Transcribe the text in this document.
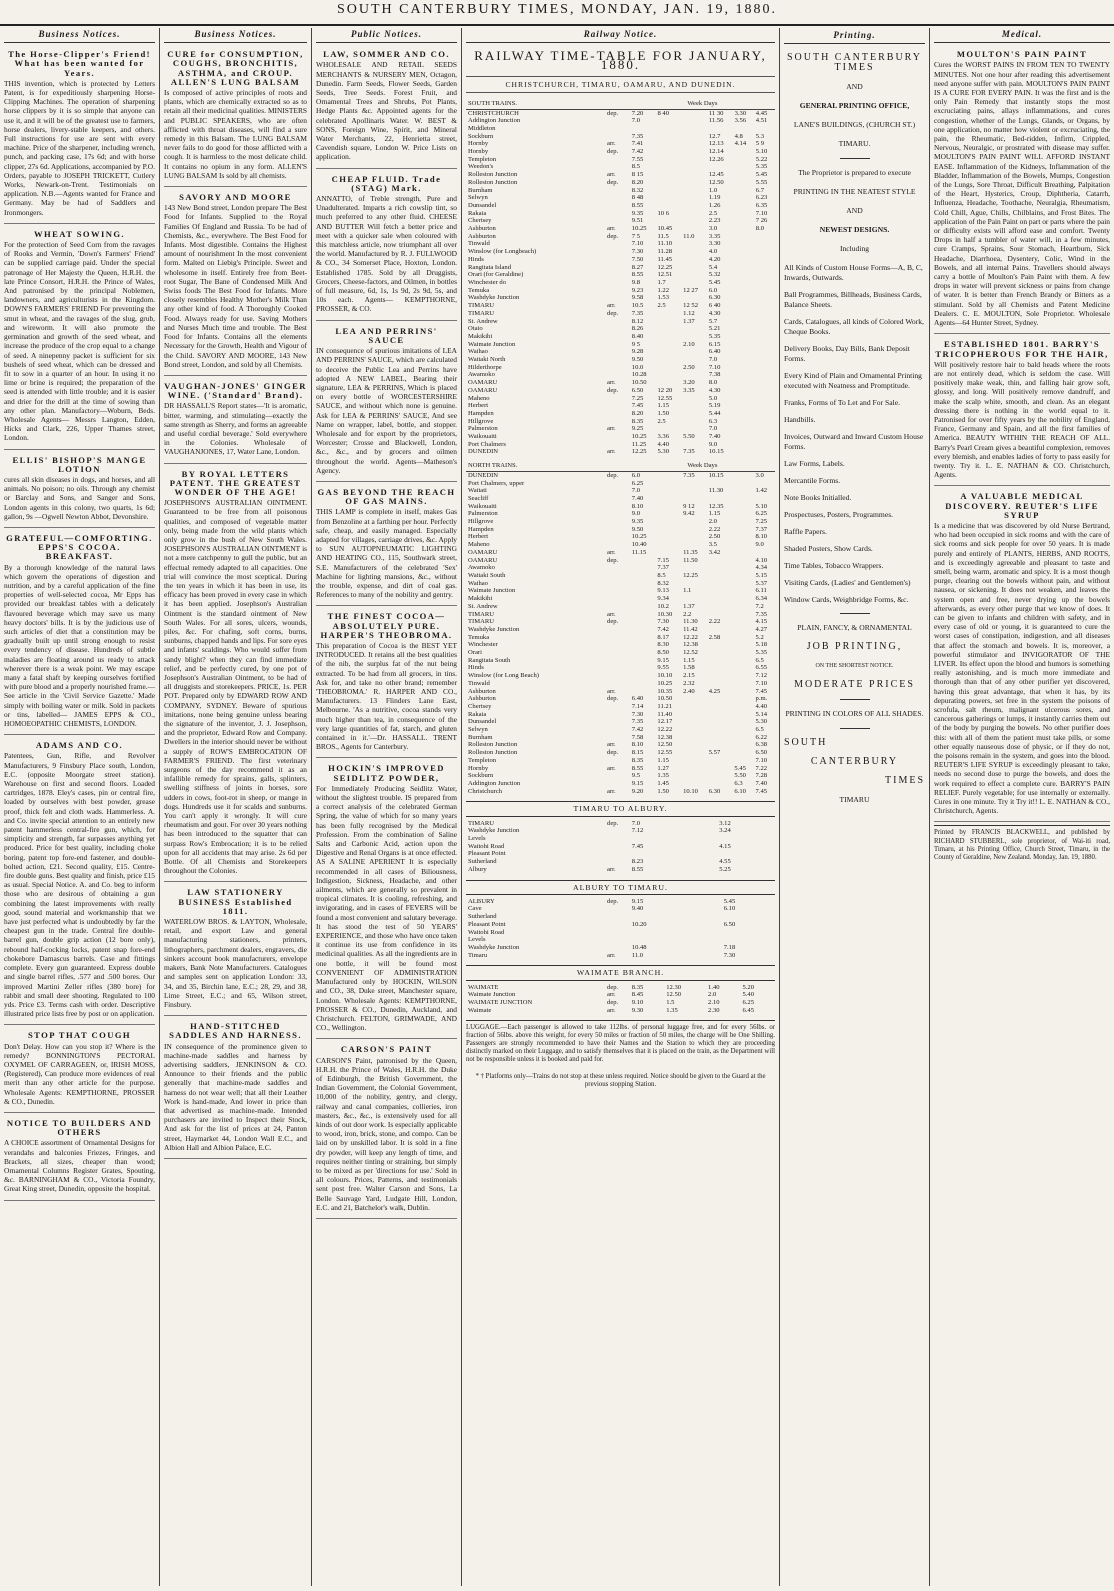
SOUTH CANTERBURY TIMES, MONDAY, JAN. 19, 1880.
Business Notices.
The Horse-Clipper's Friend! What has been wanted for Years.

THIS invention, which is protected by Letters Patent, is for expeditiously sharpening Horse-Clipping Machines. The operation of sharpening horse clippers by it is so simple that anyone can use it, and it will be of the greatest use to farmers, horse dealers, livery-stable keepers, and others. Full instructions for use are sent with every machine. Price of the sharpener, including wrench, punch, and packing case, 17s 6d; and with horse clipper, 27s 6d. Applications, accompanied by P.O. Orders, payable to JOSEPH TRICKETT, Cutlery Works, Newark-on-Trent. Testimonials on application. N.B.—Agents wanted for France and Germany. May be had of Saddlers and Ironmongers.

WHEAT SOWING.

For the protection of Seed Corn from the ravages of Rooks and Vermin, 'Down's Farmers' Friend' can be supplied carriage paid. Under the special patronage of Her Majesty the Queen, H.R.H. the late Prince Consort, H.R.H. the Prince of Wales, And patronised by the principal Noblemen, landowners, and agriculturists in the Kingdom. DOWN'S FARMERS' FRIEND For preventing the smut in wheat, and the ravages of the slug, grub, and wireworm. It will also promote the germination and growth of the seed wheat, and increase the produce of the crop equal to a change of seed. A ninepenny packet is sufficient for six bushels of seed wheat, which can be dressed and fit to sow in a quarter of an hour. In using it no lime or brine is required; the preparation of the seed is attended with little trouble; and it is easier and drier for the drill at the time of sowing than any other plan. Manufactory—Woburn, Beds. Wholesale Agents— Messrs Langton, Edden, Hicks and Clark, 226, Upper Thames street, London.

ELLIS' BISHOP'S MANGE LOTION

cures all skin diseases in dogs, and horses, and all animals. No poison; no oils. Through any chemist or Barclay and Sons, and Sanger and Sons, London agents in this colony, two quarts, 1s 6d; gallon, 9s —Ogwell Newton Abbot, Devonshire.

GRATEFUL—COMFORTING. EPPS'S COCOA. BREAKFAST.

By a thorough knowledge of the natural laws which govern the operations of digestion and nutrition, and by a careful application of the fine properties of well-selected cocoa, Mr Epps has provided our breakfast tables with a delicately flavoured beverage which may save us many heavy doctors' bills. It is by the judicious use of such articles of diet that a constitution may be gradually built up until strong enough to resist every tendency of disease. Hundreds of subtle maladies are floating around us ready to attack wherever there is a weak point. We may escape many a fatal shaft by keeping ourselves fortified with pure blood and a properly nourished frame.—See article in the 'Civil Service Gazette.' Made simply with boiling water or milk. Sold in packets or tins, labelled— JAMES EPPS & CO., HOMOEOPATHIC CHEMISTS, LONDON.

ADAMS AND CO.

Patentees, Gun, Rifle, and Revolver Manufacturers, 9 Finsbury Place south, London, E.C. (opposite Moorgate street station). Warehouse on first and second floors. Loaded cartridges, 1878. Eley's cases, pin or central fire, loaded by ourselves with best powder, grease proof, thick felt and cloth wads. Hammerless. A. and Co. invite special attention to an entirely new patent hammerless central-fire gun, which, for simplicity and strength, far surpasses anything yet produced. Price for best quality, including choke boring, patent top fore-end fastener, and double-bolted action, £21. Second quality, £15. Centre-fire double guns. Best quality and finish, price £15 as usual. Special Notice. A. and Co. beg to inform those who are desirous of obtaining a gun combining the latest improvements with really good, sound material and workmanship that we have just perfected what is undoubtedly by far the cheapest gun in the trade. Central fire double-barrel gun, double grip action (12 bore only), rebound half-cocking locks, patent snap fore-end chokebore Damascus barrels. Case and fittings complete. Every gun guaranteed. Express double and single barrel rifles, .577 and .500 bores. Our improved Martini Zeller rifles (380 bore) for rabbit and small deer shooting. Regulated to 100 yds. Price £3. Terms cash with order. Descriptive illustrated price lists free by post or on application.

STOP THAT COUGH

Don't Delay. How can you stop it? Where is the remedy? BONNINGTON'S PECTORAL OXYMEL OF CARRAGEEN, or, IRISH MOSS, (Registered), Can produce more evidences of real merit than any other article for the purpose. Wholesale Agents: KEMPTHORNE, PROSSER & CO., Dunedin.

NOTICE TO BUILDERS AND OTHERS

A CHOICE assortment of Ornamental Designs for verandahs and balconies Friezes, Fringes, and Brackets, all sizes, cheaper than wood; Ornamental Columns Register Grates, Spouting, &c. BARNINGHAM & CO., Victoria Foundry, Great King street, Dunedin, opposite the hospital.

Business Notices.
CURE for CONSUMPTION, COUGHS, BRONCHITIS, ASTHMA, and CROUP. ALLEN'S LUNG BALSAM

Is composed of active principles of roots and plants, which are chemically extracted so as to retain all their medicinal qualities. MINISTERS and PUBLIC SPEAKERS, who are often afflicted with throat diseases, will find a sure remedy in this Balsam. The LUNG BALSAM never fails to do good for those afflicted with a cough. It is harmless to the most delicate child. It contains no opium in any form. ALLEN'S LUNG BALSAM Is sold by all chemists.

SAVORY AND MOORE

143 New Bond street, London prepare The Best Food for Infants. Supplied to the Royal Families Of England and Russia. To be had of Chemists, &c., everywhere. The Best Food for Infants. Most digestible. Contains the Highest amount of nourishment In the most convenient form. Malted on Liebig's Principle. Sweet and wholesome in itself. Entirely free from Beet-root Sugar, The Bane of Condensed Milk And Swiss foods The Best Food for Infants. More closely resembles Healthy Mother's Milk Than any other kind of food. A Thoroughly Cooked Food. Always ready for use. Saving Mothers and Nurses Much time and trouble. The Best Food for Infants. Contains all the elements Necessary for the Growth, Health and Vigour of the Child. SAVORY AND MOORE, 143 New Bond street, London, and sold by all Chemists.

VAUGHAN-JONES' GINGER WINE. ('Standard' Brand).

DR HASSALL'S Report states—'It is aromatic, bitter, warming, and stimulating—exactly the same strength as Sherry, and forms an agreeable and useful cordial beverage.' Sold everywhere in the Colonies. Wholesale of VAUGHANJONES, 17, Water Lane, London.

BY ROYAL LETTERS PATENT. THE GREATEST WONDER OF THE AGE!

JOSEPHSON'S AUSTRALIAN OINTMENT. Guaranteed to be free from all poisonous qualities, and composed of vegetable matter only, being made from the wild plants which only grow in the bush of New South Wales. JOSEPHSON'S AUSTRALIAN OINTMENT is not a mere catchpenny to gull the public, but an effectual remedy adapted to all capacities. One trial will convince the most sceptical. During the ten years in which it has been in use, its efficacy has been proved in every case in which it has been applied. Josephson's Australian Ointment is the standard ointment of New South Wales. For all sores, ulcers, wounds, piles, &c. For chafing, soft corns, burns, sunburns, chapped hands and lips. For sore eyes and infants' scaldings. Who would suffer from sandy blight? when they can find immediate relief, and be perfectly cured, by one pot of Josephson's Australian Ointment, to be had of all druggists and storekeepers. PRICE, 1s. PER POT. Prepared only by EDWARD ROW AND COMPANY, SYDNEY. Beware of spurious imitations, none being genuine unless bearing the signature of the inventor, J. J. Josephson, and the proprietor, Edward Row and Company. Dwellers in the interior should never be without a supply of ROW'S EMBROCATION OF FARMER'S FRIEND. The first veterinary surgeons of the day recommend it as an infallible remedy for sprains, galls, splinters, swelling stiffness of joints in horses, sore udders in cows, foot-rot in sheep, or mange in dogs. Hundreds use it for scalds and sunburns. You can't apply it wrongly. It will cure rheumatism and gout. For over 30 years nothing has been introduced to the squatter that can surpass Row's Embrocation; it is to be relied upon for all accidents that may arise. 2s 6d per Bottle. Of all Chemists and Storekeepers throughout the Colonies.

LAW STATIONERY BUSINESS Established 1811.

WATERLOW BROS. & LAYTON, Wholesale, retail, and export Law and general manufacturing stationers, printers, lithographers, parchment dealers, engravers, die sinkers account book manufacturers, envelope makers, Bank Note Manufacturers. Catalogues and samples sent on application London: 33, 34, and 35, Birchin lane, E.C.; 28, 29, and 38, Lime Street, E.C.; and 65, Wilson street, Finsbury.

HAND-STITCHED SADDLES AND HARNESS.

IN consequence of the prominence given to machine-made saddles and harness by advertising saddlers, JENKINSON & CO. Announce to their friends and the public generally that machine-made saddles and harness do not wear well; that all their Leather Work is hand-made, And lower in price than that advertised as machine-made. Intended purchasers are invited to Inspect their Stock, And ask for the list of prices at 24, Panton street, Haymarket 44, London Wall E.C., and Albion Hall and Albion Palace, E.C.

Public Notices.
LAW, SOMMER AND CO.

WHOLESALE AND RETAIL SEEDS MERCHANTS & NURSERY MEN, Octagon, Dunedin. Farm Seeds, Flower Seeds, Garden Seeds, Tree Seeds. Forest Fruit, and Ornamental Trees and Shrubs, Pot Plants, Hedge Plants &c. Appointed agents for the celebrated Apollinaris Water. W. BEST & SONS, Foreign Wine, Spirit, and Mineral Water Merchants, 22, Henrietta street, Cavendish square, London W. Price Lists on application.

CHEAP FLUID. Trade (STAG) Mark.

ANNATTO, of Treble strength, Pure and Unadulterated. Imparts a rich cowslip tint, so much preferred to any other fluid. CHEESE AND BUTTER Will fetch a better price and meet with a quicker sale when coloured with this matchless article, now triumphant all over the world. Manufactured by R. J. FULLWOOD & CO., 34 Somerset Place, Hoxton, London. Established 1785. Sold by all Druggists, Grocers, Cheese-factors, and Oilmen, in bottles of full measure, 6d, 1s, 1s 9d, 2s 9d, 5s, and 10s each. Agents— KEMPTHORNE, PROSSER, & CO.

LEA AND PERRINS' SAUCE

IN consequence of spurious imitations of LEA AND PERRINS' SAUCE, which are calculated to deceive the Public Lea and Perrins have adopted A NEW LABEL, Bearing their signature, LEA & PERRINS, Which is placed on every bottle of WORCESTERSHIRE SAUCE, and without which none is genuine. Ask for LEA & PERRINS' SAUCE, And see Name on wrapper, label, bottle, and stopper. Wholesale and for export by the proprietors, Worcester; Crosse and Blackwell, London, &c., &c., and by grocers and oilmen throughout the world. Agents—Matheson's Agency.

GAS BEYOND THE REACH OF GAS MAINS.

THIS LAMP is complete in itself, makes Gas from Benzoline at a farthing per hour. Perfectly safe, cheap, and easily managed. Especially adapted for villages, carriage drives, &c. Apply to SUN AUTOPNEUMATIC LIGHTING AND HEATING CO., 115, Southwark street, S.E. Manufacturers of the celebrated 'Sex' Machine for lighting mansions, &c., without the trouble, expense, and dirt of coal gas. References to many of the nobility and gentry.

THE FINEST COCOA—ABSOLUTELY PURE. HARPER'S THEOBROMA.

This preparation of Cocoa is the BEST YET INTRODUCED. It retains all the best qualities of the nib, the surplus fat of the nut being extracted. To be had from all grocers, in tins. Ask for, and take no other brand; remember 'THEOBROMA.' R. HARPER AND CO., Manufacturers. 13 Flinders Lane East, Melbourne. 'As a nutritive, cocoa stands very much higher than tea, in consequence of the very large quantities of fat, starch, and gluten contained in it.'—Dr. HASSALL. TRENT BROS., Agents for Canterbury.

HOCKIN'S IMPROVED SEIDLITZ POWDER,

For Immediately Producing Seidlitz Water, without the slightest trouble. IS prepared from a correct analysis of the celebrated German Spring, the value of which for so many years has been fully recognised by the Medical Profession. From the combination of Saline Salts and Carbonic Acid, action upon the Digestive and Renal Organs is at once effected. AS A SALINE APERIENT It is especially recommended in all cases of Biliousness, Indigestion, Sickness, Headache, and other ailments, which are generally so prevalent in tropical climates. It is cooling, refreshing, and invigorating, and in cases of FEVERS will be found a most convenient and salutary beverage. It has stood the test of 50 YEARS' EXPERIENCE, and those who have once taken it continue its use from confidence in its medicinal qualities. As all the ingredients are in one bottle, it will be found most CONVENIENT OF ADMINISTRATION Manufactured only by HOCKIN, WILSON and CO., 38, Duke street, Manchester square, London. Wholesale Agents: KEMPTHORNE, PROSSER & CO., Dunedin, Auckland, and Christchurch. FELTON, GRIMWADE, AND CO., Wellington.

CARSON'S PAINT

CARSON'S Paint, patronised by the Queen, H.R.H. the Prince of Wales, H.R.H. the Duke of Edinburgh, the British Government, the Indian Government, the Colonial Government, 10,000 of the nobility, gentry, and clergy, railway and canal companies, collieries, iron masters, &c., &c., is extensively used for all kinds of out door work. Is especially applicable to wood, iron, brick, stone, and compo. Can be laid on by unskilled labor. It is sold in a fine dry powder, will keep any length of time, and requires neither tinting or straining, but simply to be mixed as per 'directions for use.' Sold in all colours. Prices, Patterns, and testimonials sent post free. Walter Carson and Sons, La Belle Sauvage Yard, Ludgate Hill, London, E.C. and 21, Batchelor's walk, Dublin.

Railway Notice.
RAILWAY TIME-TABLE FOR JANUARY, 1880.
CHRISTCHURCH, TIMARU, OAMARU, AND DUNEDIN.
SOUTH TRAINS.		Week Days					
CHRISTCHURCH	dep.	7.20	8 40		11 30	3.30	4.45
Addington Junction		7.0			11.56	3.56	4.51
Middleton							
Sockburn		7.35			12.7	4.8	5.3
Hornby	arr.	7.41			12.13	4.14	5 9
Hornby	dep.	7.42			12.14		5.10
Templeton		7.55			12.26		5.22
Weedon's		8.5					5.35
Rolleston Junction	arr.	8 15			12.45		5.45
Rolleston Junction	dep.	8.20			12.50		5.55
Burnham		8.32			1.0		6.7
Selwyn		8 48			1.19		6.23
Dunsandel		8.55			1.26		6.35
Rakaia		9.35	10 6		2.5		7.10
Chertsey		9.51			2.23		7 26
Ashburton	arr.	10.25	10.45		3.0		8.0
Ashburton	dep.	7 5	11.5	11.0	3.35		
Tinwald		7.10	11.10		3.30		
Winslow (for Longbeach)		7.30	11.28		4.0		
Hinds		7.50	11.45		4.20		
Rangitata Island		8.27	12.25		5.4		
Orari (for Geraldine)		8.55	12.51		5.32		
Winchester do		9.8	1.7		5.45		
Temuka		9.23	1.22	12 27	6.0		
Washdyke Junction		9.58	1.53		6.30		
TIMARU	arr.	10.5	2.5	12 52	6 40		
TIMARU	dep.	7.35		1.12	4.30		
St. Andrew		8.12		1.37	5.7		
Otaio		8.26			5.21		
Makikihi		8.40			5.35		
Waimate Junction		9 5		2.10	6.15		
Waihao		9.28			6.40		
Waitaki North		9.50			7.0		
Hilderthorpe		10.0		2.50	7.10		
Awamoko		10.28			7.38		
OAMARU	arr.	10.50		3.20	8.0		
OAMARU	dep.	6.50	12 20	3.35	4.30		
Maheno		7.25	12.55		5.0		
Herbert		7.45	1.15		5.19		
Hampden		8.20	1.50		5.44		
Hillgrove		8.35	2.5		6.3		
Palmerston	arr.	9.25			7.0		
Waikouaiti		10.25	3.36	5.50	7.40		
Port Chalmers		11.25	4.40		9.0		
DUNEDIN	arr.	12.25	5.30	7.35	10.15		
NORTH TRAINS.		Week Days					
DUNEDIN	dep.	6.0		7.35	10.15		3.0
Port Chalmers, upper		6.25					
Waitati		7.0			11.30		1.42
Seacliff		7.40					
Waikouaiti		8.10		9 12	12.35		5.10
Palmerston		9.0		9.42	1.15		6.25
Hillgrove		9.35			2.0		7.25
Hampden		9.50			2.22		7.37
Herbert		10.25			2.50		8.10
Maheno		10.40			3.5		9.0
OAMARU	arr.	11.15		11.35	3.42		
OAMARU	dep.		7.15	11.50			4.10
Awamoko			7.37				4.34
Waitaki South			8.5	12.25			5.15
Waihao			8.32				5.37
Waimate Junction			9.13	1.1			6.11
Makikihi			9.34				6.34
St. Andrew			10.2	1.37			7.2
TIMARU	arr.		10.30	2.2			7.35
TIMARU	dep.		7.30	11.30	2.22		4.15
Washdyke Junction			7.42	11.42			4.27
Temuka			8.17	12.22	2.58		5.2
Winchester			8.30	12.38			5.18
Orari			8.50	12.52			5.35
Rangitata South			9.15	1.15			6.5
Hinds			9.55	1.58			6.55
Winslow (for Long Beach)			10.10	2.15			7.12
Tinwald			10.25	2.32			7.10
Ashburton	arr.		10.35	2.40	4.25		7.45
Ashburton	dep.	6.40	10.50				p.m.
Chertsey		7.14	11.21				4.40
Rakaia		7.30	11.40				5.14
Dunsandel		7.35	12.17				5.30
Selwyn		7.42	12.22				6.5
Burnham		7.58	12.38				6.22
Rolleston Junction	arr.	8.10	12.50				6.38
Rolleston Junction	dep.	8.15	12.55		5.57		6.50
Templeton		8.35	1.15				7.10
Hornby	arr.	8.55	1.27			5.45	7.22
Sockburn		9.5	1.35			5.50	7.28
Addington Junction		9.15	1.45			6.3	7.40
Christchurch	arr.	9.20	1.50	10.10	6.30	6.10	7.45
TIMARU TO ALBURY.
TIMARU	dep.	7.0			3.12
Washdyke Junction		7.12			3.24
Levels					
Waitohi Road		7.45			4.15
Pleasant Point					
Sutherland		8.23			4.55
Albury	arr.	8.55			5.25
ALBURY TO TIMARU.
ALBURY	dep.	9.15			5.45
Cave		9.40			6.10
Sutherland					
Pleasant Point		10.20			6.50
Waitohi Road					
Levels					
Washdyke Junction		10.48			7.18
Timaru	arr.	11.0			7.30
WAIMATE BRANCH.
WAIMATE	dep.	8.35	12.30	1.40	5.20
Waimate Junction	arr.	8.45	12.50	2.0	5.40
WAIMATE JUNCTION	dep.	9.10	1.5	2.10	6.25
Waimate	arr.	9.30	1.35	2.30	6.45
LUGGAGE.—Each passenger is allowed to take 112lbs. of personal luggage free, and for every 56lbs. or fraction of 56lbs. above this weight, for every 50 miles or fraction of 50 miles, the charge will be One Shilling. Passengers are strongly recommended to have their Names and the Station to which they are proceeding distinctly marked on their Luggage, and to satisfy themselves that it is placed on the train, as the Department will not be responsible unless it is booked and paid for.
* † Platforms only—Trains do not stop at these unless required. Notice should be given to the Guard at the previous stopping Station.
Printing.

SOUTH CANTERBURY TIMES

AND

GENERAL PRINTING OFFICE,

LANE'S BUILDINGS, (CHURCH ST.)

TIMARU.

The Proprietor is prepared to execute

PRINTING IN THE NEATEST STYLE

AND

NEWEST DESIGNS.

Including

All Kinds of Custom House Forms—A, B, C, Inwards, Outwards.

Ball Programmes, Billheads, Business Cards, Balance Sheets.

Cards, Catalogues, all kinds of Colored Work, Cheque Books.

Delivery Books, Day Bills, Bank Deposit Forms.

Every Kind of Plain and Ornamental Printing executed with Neatness and Promptitude.

Franks, Forms of To Let and For Sale.

Handbills.

Invoices, Outward and Inward Custom House Forms.

Law Forms, Labels.

Mercantile Forms.

Note Books Initialled.

Prospectuses, Posters, Programmes.

Raffle Papers.

Shaded Posters, Show Cards.

Time Tables, Tobacco Wrappers.

Visiting Cards, (Ladies' and Gentlemen's)

Window Cards, Weighbridge Forms, &c.

PLAIN, FANCY, & ORNAMENTAL

JOB PRINTING,

ON THE SHORTEST NOTICE.

MODERATE PRICES

PRINTING IN COLORS OF ALL SHADES.

SOUTH

CANTERBURY

TIMES

TIMARU

Medical.
MOULTON'S PAIN PAINT

Cures the WORST PAINS IN FROM TEN TO TWENTY MINUTES. Not one hour after reading this advertisement need anyone suffer with pain. MOULTON'S PAIN PAINT IS A CURE FOR EVERY PAIN. It was the first and is the only Pain Remedy that instantly stops the most excruciating pains, allays inflammations, and cures congestion, whether of the Lungs, Glands, or Organs, by one application, no matter how violent or excruciating, the pain, the Rheumatic, Bed-ridden, Infirm, Crippled, Nervous, Neuralgic, or prostrated with disease may suffer. MOULTON'S PAIN PAINT WILL AFFORD INSTANT EASE. Inflammation of the Kidneys, Inflammation of the Bladder, Inflammation of the Bowels, Mumps, Congestion of the Lungs, Sore Throat, Difficult Breathing, Palpitation of the Heart, Hysterics, Croup, Diphtheria, Catarrh, Influenza, Headache, Toothache, Neuralgia, Rheumatism, Cold Chill, Ague, Chills, Chilblains, and Frost Bites. The application of the Pain Paint on part or parts where the pain or difficulty exists will afford ease and comfort. Twenty Drops in half a tumbler of water will, in a few minutes, cure Cramps, Sprains, Sour Stomach, Heartburn, Sick Headache, Diarrhoea, Dysentery, Colic, Wind in the Bowels, and all internal Pains. Travellers should always carry a bottle of Moulton's Pain Paint with them. A few drops in water will prevent sickness or pains from change of water. It is better than French Brandy or Bitters as a stimulant. Sold by all Chemists and Patent Medicine Dealers. C. E. MOULTON, Sole Proprietor. Wholesale Agents—64 Hunter Street, Sydney.

ESTABLISHED 1801. BARRY'S TRICOPHEROUS FOR THE HAIR,

Will positively restore hair to bald heads where the roots are not entirely dead, which is seldom the case. Will positively make weak, thin, and falling hair grow soft, glossy, and long. Will positively remove dandruff, and make the scalp white, smooth, and clean. As an elegant dressing there is nothing in the world equal to it. Patronised for over fifty years by the nobility of England, France, Germany and Spain, and all the first families of America. BEAUTY WITHIN THE REACH OF ALL. Barry's Pearl Cream gives a beautiful complexion, removes every blemish, and enables ladies of forty to pass easily for twenty. Try it. L. E. NATHAN & CO. Christchurch, Agents.

A VALUABLE MEDICAL DISCOVERY. REUTER'S LIFE SYRUP

Is a medicine that was discovered by old Nurse Bertrand, who had been occupied in sick rooms and with the care of sick rooms and sick people for over 50 years. It is made purely and entirely of PLANTS, HERBS, AND ROOTS, and is exceedingly agreeable and pleasant to taste and smell, being warm, aromatic and spicy. It is a most though purge, clearing out the bowels without pain, and without nausea, or sickening. It does not weaken, and leaves the system open and free, never drying up the bowels afterwards, as every other purge that we know of does. It can be given to infants and children with safety, and in every case of old or young, it is guaranteed to cure the worst cases of constipation, indigestion, and all diseases that affect the stomach and bowels. It is, moreover, a powerful stimulator and INVIGORATOR OF THE LIVER. Its effect upon the blood and humors is something really astonishing, and is much more immediate and thorough than that of any other purifier yet discovered, having this great advantage, that when it has, by its depurating powers, set free in the system the poisons of scrofula, salt rheum, malignant ulcerous sores, and cancerous gatherings or lumps, it instantly carries them out of the body by purging the bowels. No other purifier does this: with all of them the patient must take pills, or some other equally nauseous dose of physic, or if they do not, the poisons remain in the system, and goes into the blood. REUTER'S LIFE SYRUP is exceedingly pleasant to take, needs no second dose to purge the bowels, and does the work required to effect a complete cure. BARRY'S PAIN RELIEF. Purely vegetable; for use internally or externally. Cures in one minute. Try it Try it!! L. E. NATHAN & CO., Christchurch, Agents.

Printed by FRANCIS BLACKWELL, and published by RICHARD STUBBERL, sole proprietor, of Wai-iti road, Timaru, at his Printing Office, Church Street, Timaru, in the County of Geraldine, New Zealand. Monday, Jan. 19, 1880.
